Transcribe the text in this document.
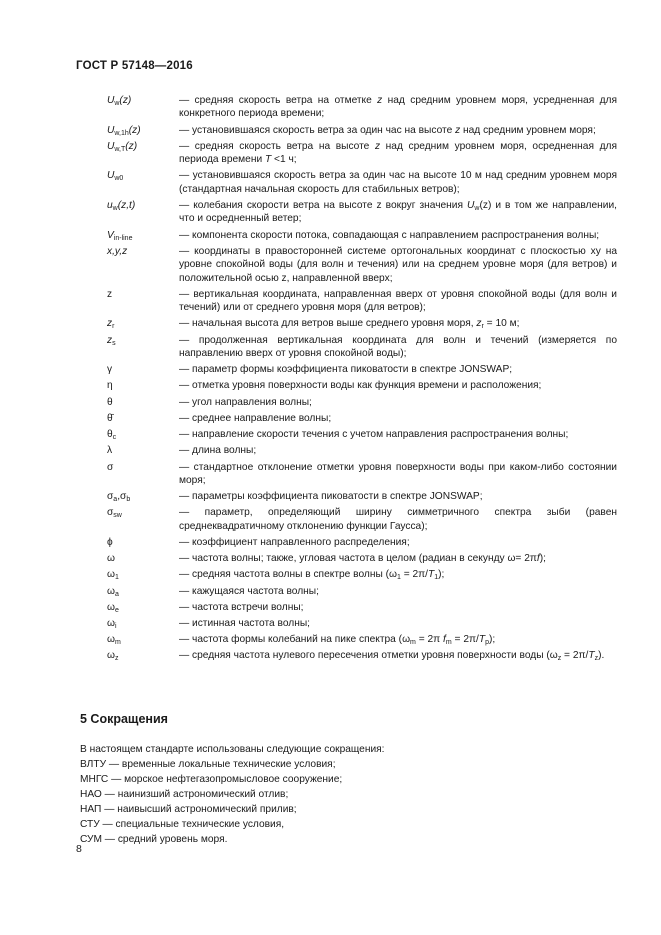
ГОСТ Р 57148—2016
$U_w(z)$	— средняя скорость ветра на отметке z над средним уровнем моря, усредненная для конкретного периода времени;
$U_{w,1h}(z)$	— установившаяся скорость ветра за один час на высоте z над средним уровнем моря;
$U_{w,T}(z)$	— средняя скорость ветра на высоте z над средним уровнем моря, осредненная для периода времени T <1 ч;
$U_{w0}$	— установившаяся скорость ветра за один час на высоте 10 м над средним уровнем моря (стандартная начальная скорость для стабильных ветров);
$u_w(z,t)$	— колебания скорости ветра на высоте z вокруг значения $U_w(z)$ и в том же направлении, что и осредненный ветер;
$V_{in-line}$	— компонента скорости потока, совпадающая с направлением распространения волны;
x,y,z	— координаты в правосторонней системе ортогональных координат с плоскостью xy на уровне спокойной воды (для волн и течения) или на среднем уровне моря (для ветров) и положительной осью z, направленной вверх;
z	— вертикальная координата, направленная вверх от уровня спокойной воды (для волн и течений) или от среднего уровня моря (для ветров);
$z_r$	— начальная высота для ветров выше среднего уровня моря, $z_r = 10$ м;
$z_s$	— продолженная вертикальная координата для волн и течений (измеряется по направлению вверх от уровня спокойной воды);
γ	— параметр формы коэффициента пиковатости в спектре JONSWAP;
η	— отметка уровня поверхности воды как функция времени и расположения;
θ	— угол направления волны;
θ̄	— среднее направление волны;
$\theta_c$	— направление скорости течения с учетом направления распространения волны;
λ	— длина волны;
σ	— стандартное отклонение отметки уровня поверхности воды при каком-либо состоянии моря;
$\sigma_a,\sigma_b$	— параметры коэффициента пиковатости в спектре JONSWAP;
$\sigma_{sw}$	— параметр, определяющий ширину симметричного спектра зыби (равен среднеквадратичному отклонению функции Гаусса);
ϕ	— коэффициент направленного распределения;
ω	— частота волны; также, угловая частота в целом (радиан в секунду ω= 2πf);
$\omega_1$	— средняя частота волны в спектре волны $(\omega_1 = 2\pi/T_1)$;
$\omega_a$	— кажущаяся частота волны;
$\omega_e$	— частота встречи волны;
$\omega_i$	— истинная частота волны;
$\omega_m$	— частота формы колебаний на пике спектра ($\omega_m = 2\pi$ $f_m = 2\pi/T_p$);
$\omega_z$	— средняя частота нулевого пересечения отметки уровня поверхности воды $(\omega_z = 2\pi/T_z)$.
5 Сокращения
В настоящем стандарте использованы следующие сокращения:
ВЛТУ — временные локальные технические условия;
МНГС — морское нефтегазопромысловое сооружение;
НАО — наинизший астрономический отлив;
НАП — наивысший астрономический прилив;
СТУ — специальные технические условия,
СУМ — средний уровень моря.
8
